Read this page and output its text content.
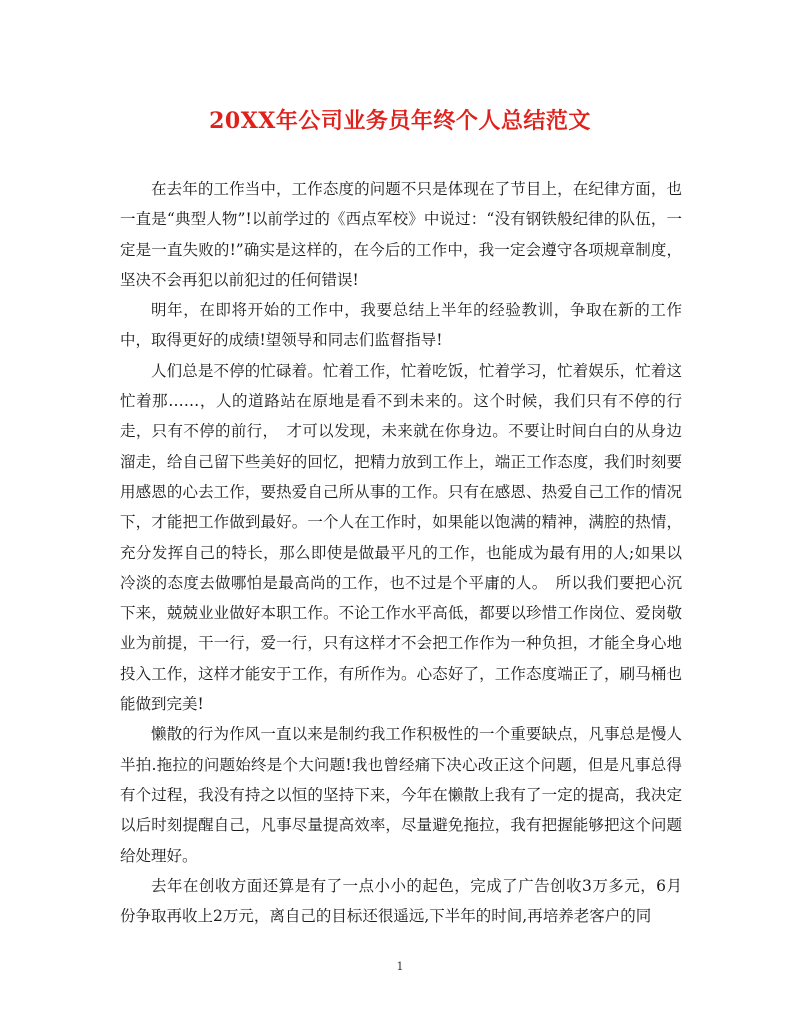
20XX年公司业务员年终个人总结范文

在去年的工作当中，工作态度的问题不只是体现在了节目上，在纪律方面，也一直是“典型人物”!以前学过的《西点军校》中说过：“没有钢铁般纪律的队伍，一定是一直失败的!”确实是这样的，在今后的工作中，我一定会遵守各项规章制度，坚决不会再犯以前犯过的任何错误!

明年，在即将开始的工作中，我要总结上半年的经验教训，争取在新的工作中，取得更好的成绩!望领导和同志们监督指导!

人们总是不停的忙碌着。忙着工作，忙着吃饭，忙着学习，忙着娱乐，忙着这忙着那……，人的道路站在原地是看不到未来的。这个时候，我们只有不停的行走，只有不停的前行，　才可以发现，未来就在你身边。不要让时间白白的从身边溜走，给自己留下些美好的回忆，把精力放到工作上，端正工作态度，我们时刻要用感恩的心去工作，要热爱自己所从事的工作。只有在感恩、热爱自己工作的情况下，才能把工作做到最好。一个人在工作时，如果能以饱满的精神，满腔的热情，充分发挥自己的特长，那么即使是做最平凡的工作，也能成为最有用的人;如果以冷淡的态度去做哪怕是最高尚的工作，也不过是个平庸的人。　所以我们要把心沉下来，兢兢业业做好本职工作。不论工作水平高低，都要以珍惜工作岗位、爱岗敬业为前提，干一行，爱一行，只有这样才不会把工作作为一种负担，才能全身心地投入工作，这样才能安于工作，有所作为。心态好了，工作态度端正了，刷马桶也能做到完美!

懒散的行为作风一直以来是制约我工作积极性的一个重要缺点，凡事总是慢人半拍.拖拉的问题始终是个大问题!我也曾经痛下决心改正这个问题，但是凡事总得有个过程，我没有持之以恒的坚持下来，今年在懒散上我有了一定的提高，我决定以后时刻提醒自己，凡事尽量提高效率，尽量避免拖拉，我有把握能够把这个问题给处理好。

去年在创收方面还算是有了一点小小的起色，完成了广告创收3万多元，6月份争取再收上2万元，离自己的目标还很遥远,下半年的时间,再培养老客户的同

1
